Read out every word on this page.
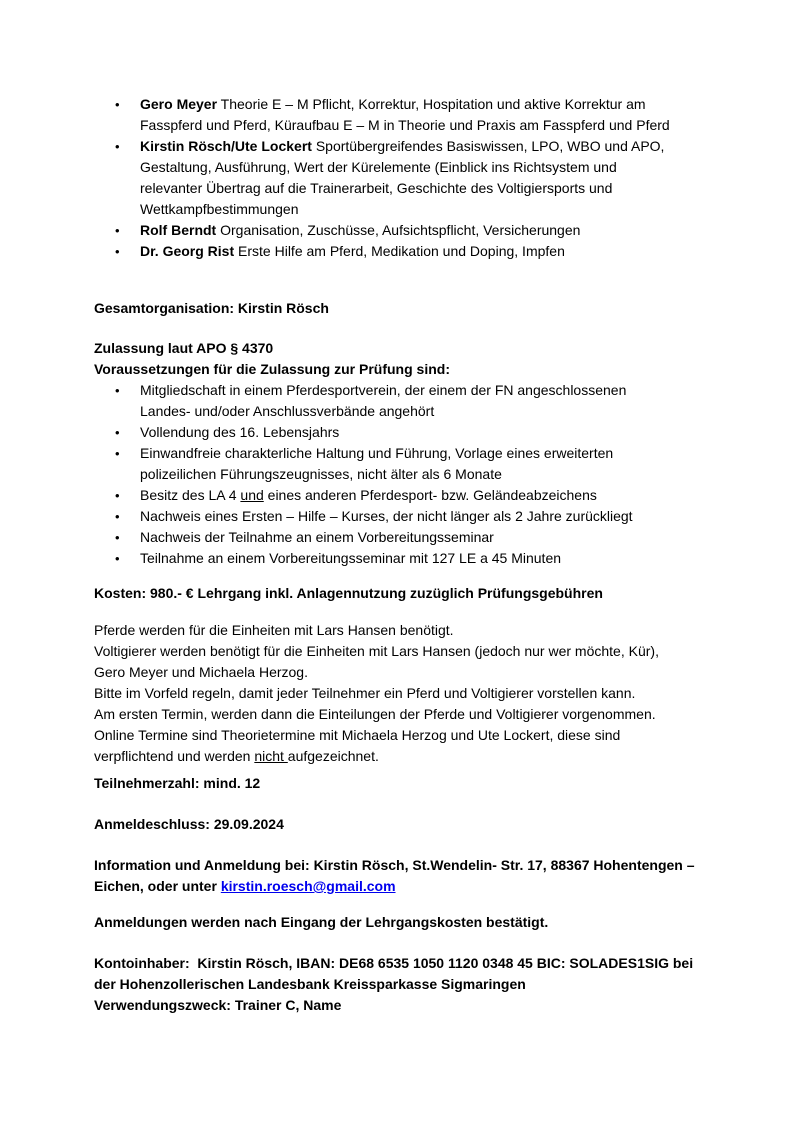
•	Gero Meyer Theorie E – M Pflicht, Korrektur, Hospitation und aktive Korrektur am
Fasspferd und Pferd, Küraufbau E – M in Theorie und Praxis am Fasspferd und Pferd
•	Kirstin Rösch/Ute Lockert Sportübergreifendes Basiswissen, LPO, WBO und APO,
Gestaltung, Ausführung, Wert der Kürelemente (Einblick ins Richtsystem und
relevanter Übertrag auf die Trainerarbeit, Geschichte des Voltigiersports und
Wettkampfbestimmungen
•	Rolf Berndt Organisation, Zuschüsse, Aufsichtspflicht, Versicherungen
•	Dr. Georg Rist Erste Hilfe am Pferd, Medikation und Doping, Impfen
Gesamtorganisation: Kirstin Rösch
Zulassung laut APO § 4370
Voraussetzungen für die Zulassung zur Prüfung sind:
•	Mitgliedschaft in einem Pferdesportverein, der einem der FN angeschlossenen
Landes- und/oder Anschlussverbände angehört
•	Vollendung des 16. Lebensjahrs
•	Einwandfreie charakterliche Haltung und Führung, Vorlage eines erweiterten
polizeilichen Führungszeugnisses, nicht älter als 6 Monate
•	Besitz des LA 4 und eines anderen Pferdesport- bzw. Geländeabzeichens
•	Nachweis eines Ersten – Hilfe – Kurses, der nicht länger als 2 Jahre zurückliegt
•	Nachweis der Teilnahme an einem Vorbereitungsseminar
•	Teilnahme an einem Vorbereitungsseminar mit 127 LE a 45 Minuten
Kosten: 980.- € Lehrgang inkl. Anlagennutzung zuzüglich Prüfungsgebühren
Pferde werden für die Einheiten mit Lars Hansen benötigt.
Voltigierer werden benötigt für die Einheiten mit Lars Hansen (jedoch nur wer möchte, Kür),
Gero Meyer und Michaela Herzog.
Bitte im Vorfeld regeln, damit jeder Teilnehmer ein Pferd und Voltigierer vorstellen kann.
Am ersten Termin, werden dann die Einteilungen der Pferde und Voltigierer vorgenommen.
Online Termine sind Theorietermine mit Michaela Herzog und Ute Lockert, diese sind
verpflichtend und werden nicht aufgezeichnet.
Teilnehmerzahl: mind. 12
Anmeldeschluss: 29.09.2024
Information und Anmeldung bei: Kirstin Rösch, St.Wendelin- Str. 17, 88367 Hohentengen –
Eichen, oder unter kirstin.roesch@gmail.com
Anmeldungen werden nach Eingang der Lehrgangskosten bestätigt.
Kontoinhaber:  Kirstin Rösch, IBAN: DE68 6535 1050 1120 0348 45 BIC: SOLADES1SIG bei
der Hohenzollerischen Landesbank Kreissparkasse Sigmaringen
Verwendungszweck: Trainer C, Name
